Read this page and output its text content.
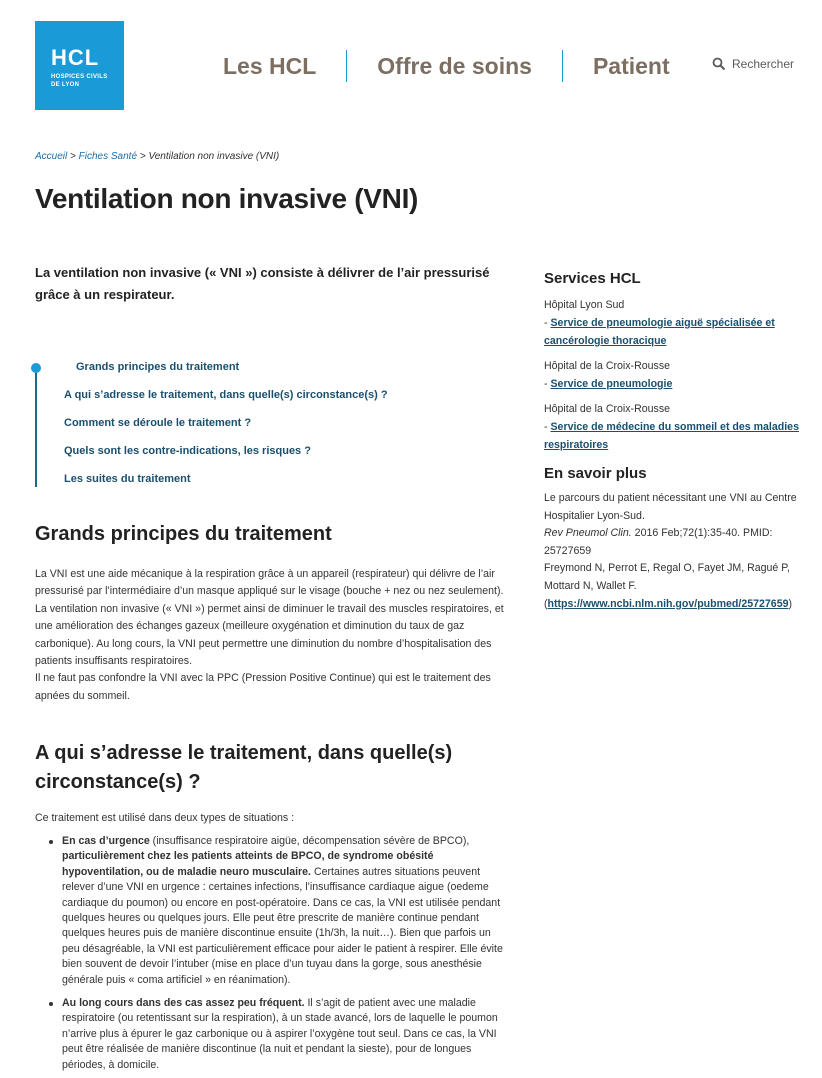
HCL
HOSPICES CIVILS
DE LYON
Les HCL	Offre de soins	Patient	Rechercher
Accueil > Fiches Santé > Ventilation non invasive (VNI)
Ventilation non invasive (VNI)

La ventilation non invasive (« VNI ») consiste à délivrer de l’air pressurisé grâce à un respirateur.

Grands principes du traitement
A qui s’adresse le traitement, dans quelle(s) circonstance(s) ?
Comment se déroule le traitement ?
Quels sont les contre-indications, les risques ?
Les suites du traitement
Grands principes du traitement

La VNI est une aide mécanique à la respiration grâce à un appareil (respirateur) qui délivre de l’air pressurisé par l’intermédiaire d’un masque appliqué sur le visage (bouche + nez ou nez seulement). La ventilation non invasive (« VNI ») permet ainsi de diminuer le travail des muscles respiratoires, et une amélioration des échanges gazeux (meilleure oxygénation et diminution du taux de gaz carbonique). Au long cours, la VNI peut permettre une diminution du nombre d’hospitalisation des patients insuffisants respiratoires.
Il ne faut pas confondre la VNI avec la PPC (Pression Positive Continue) qui est le traitement des apnées du sommeil.

A qui s’adresse le traitement, dans quelle(s)
circonstance(s) ?

Ce traitement est utilisé dans deux types de situations :

En cas d’urgence (insuffisance respiratoire aigüe, décompensation sévère de BPCO), particulièrement chez les patients atteints de BPCO, de syndrome obésité hypoventilation, ou de maladie neuro musculaire. Certaines autres situations peuvent relever d’une VNI en urgence : certaines infections, l’insuffisance cardiaque aigue (oedeme cardiaque du poumon) ou encore en post-opératoire. Dans ce cas, la VNI est utilisée pendant quelques heures ou quelques jours. Elle peut être prescrite de manière continue pendant quelques heures puis de manière discontinue ensuite (1h/3h, la nuit…). Bien que parfois un peu désagréable, la VNI est particulièrement efficace pour aider le patient à respirer. Elle évite bien souvent de devoir l’intuber (mise en place d’un tuyau dans la gorge, sous anesthésie générale puis « coma artificiel » en réanimation).
Au long cours dans des cas assez peu fréquent. Il s’agit de patient avec une maladie respiratoire (ou retentissant sur la respiration), à un stade avancé, lors de laquelle le poumon n’arrive plus à épurer le gaz carbonique ou à aspirer l’oxygène tout seul. Dans ce cas, la VNI peut être réalisée de manière discontinue (la nuit et pendant la sieste), pour de longues périodes, à domicile.
Services HCL
Hôpital Lyon Sud
- Service de pneumologie aiguë spécialisée et cancérologie thoracique
Hôpital de la Croix-Rousse
- Service de pneumologie
Hôpital de la Croix-Rousse
- Service de médecine du sommeil et des maladies respiratoires
En savoir plus
Le parcours du patient nécessitant une VNI au Centre Hospitalier Lyon-Sud.
Rev Pneumol Clin. 2016 Feb;72(1):35-40. PMID: 25727659
Freymond N, Perrot E, Regal O, Fayet JM, Ragué P, Mottard N, Wallet F.
(https://www.ncbi.nlm.nih.gov/pubmed/25727659)
